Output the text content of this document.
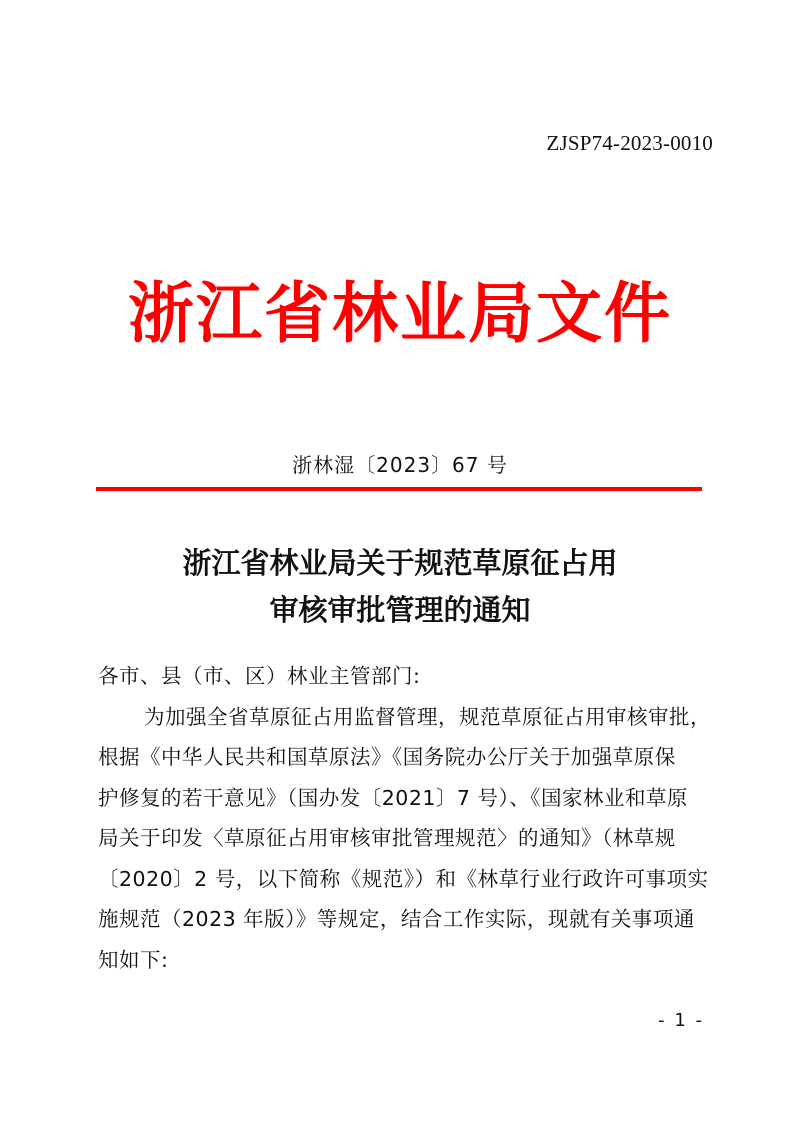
ZJSP74-2023-0010
浙江省林业局文件
浙林湿〔2023〕67 号
浙江省林业局关于规范草原征占用
审核审批管理的通知
各市、县（市、区）林业主管部门:
为加强全省草原征占用监督管理，规范草原征占用审核审批，
根据《中华人民共和国草原法》《国务院办公厅关于加强草原保
护修复的若干意见》（国办发〔2021〕7 号）、《国家林业和草原
局关于印发〈草原征占用审核审批管理规范〉的通知》（林草规
〔2020〕2 号，以下简称《规范》）和《林草行业行政许可事项实
施规范（2023 年版）》等规定，结合工作实际，现就有关事项通
知如下:
- 1 -
